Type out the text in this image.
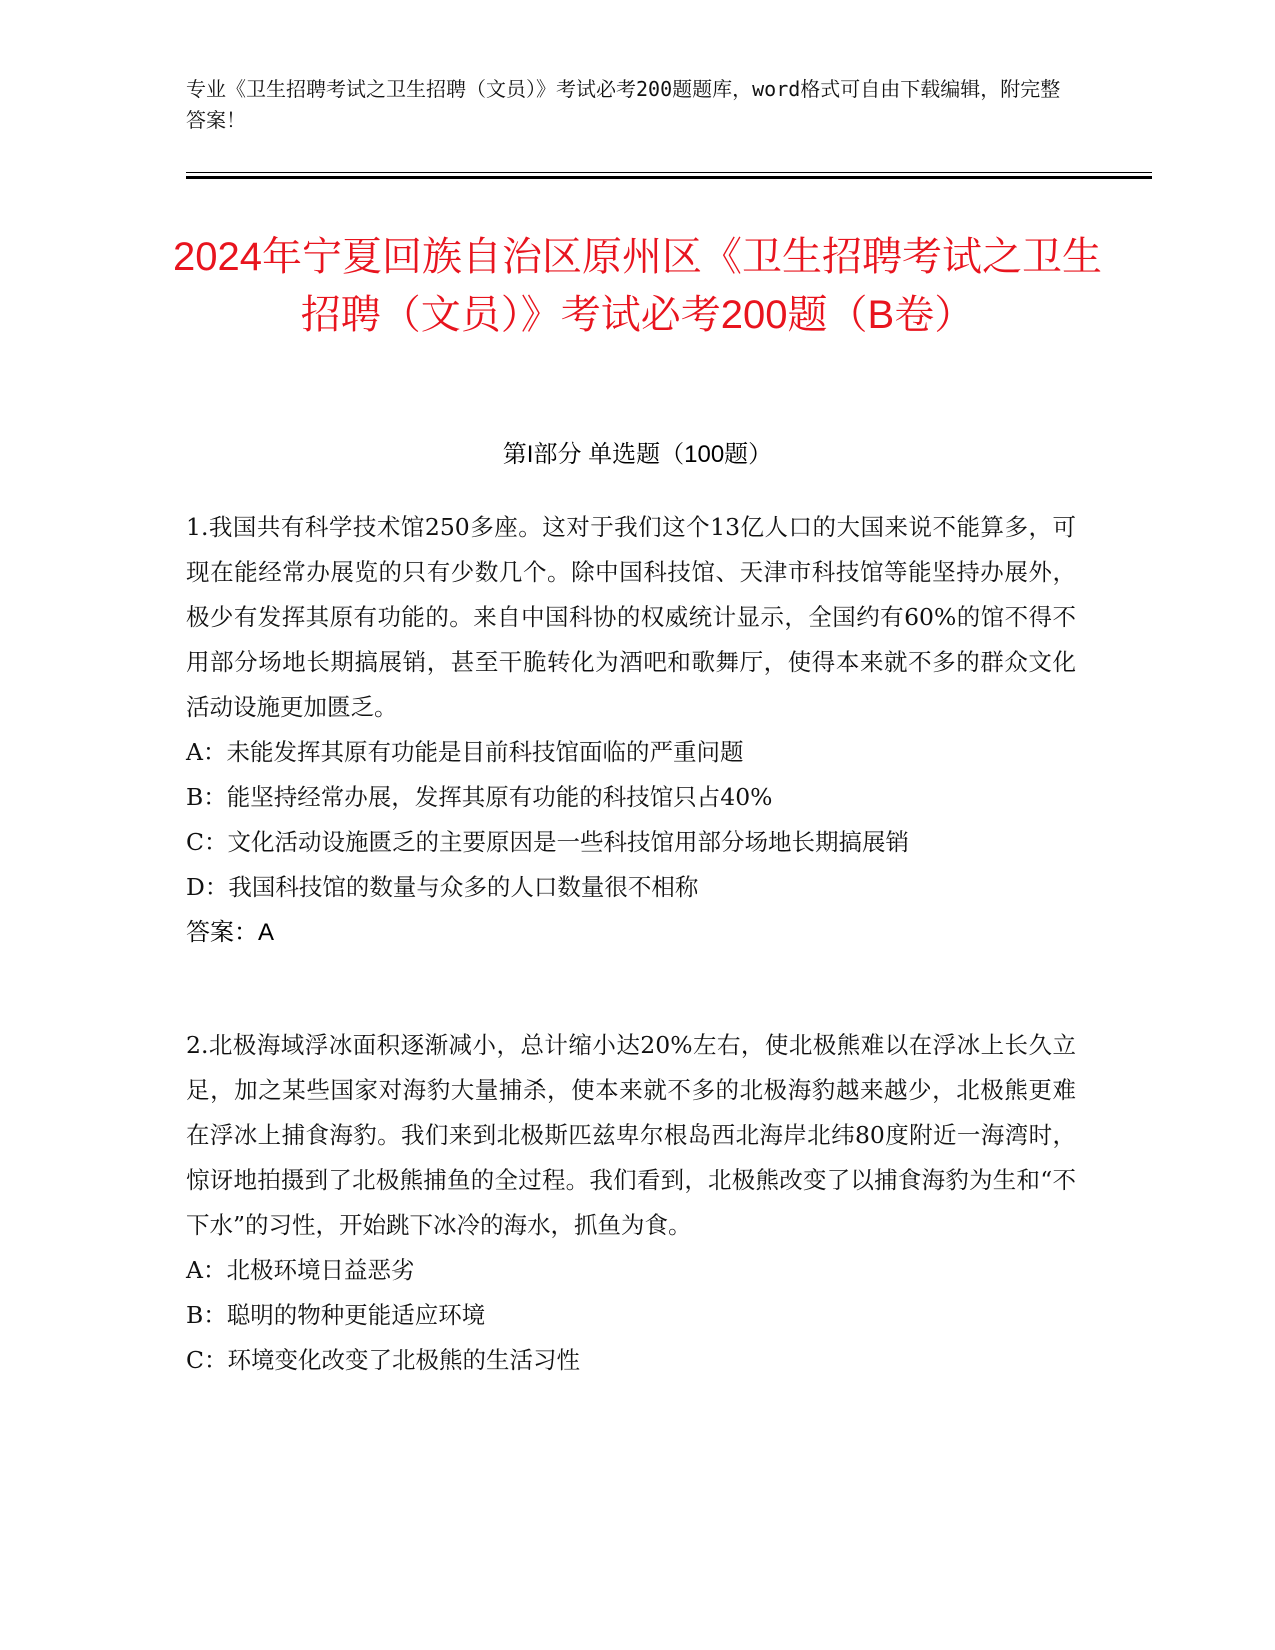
专业《卫生招聘考试之卫生招聘（文员）》考试必考200题题库，word格式可自由下载编辑，附完整答案！
2024年宁夏回族自治区原州区《卫生招聘考试之卫生招聘（文员）》考试必考200题（B卷）
第I部分 单选题（100题）

1.我国共有科学技术馆250多座。这对于我们这个13亿人口的大国来说不能算多，可现在能经常办展览的只有少数几个。除中国科技馆、天津市科技馆等能坚持办展外，极少有发挥其原有功能的。来自中国科协的权威统计显示，全国约有60%的馆不得不用部分场地长期搞展销，甚至干脆转化为酒吧和歌舞厅，使得本来就不多的群众文化活动设施更加匮乏。

A：未能发挥其原有功能是目前科技馆面临的严重问题

B：能坚持经常办展，发挥其原有功能的科技馆只占40%

C：文化活动设施匮乏的主要原因是一些科技馆用部分场地长期搞展销

D：我国科技馆的数量与众多的人口数量很不相称

答案：A

2.北极海域浮冰面积逐渐减小，总计缩小达20%左右，使北极熊难以在浮冰上长久立足，加之某些国家对海豹大量捕杀，使本来就不多的北极海豹越来越少，北极熊更难在浮冰上捕食海豹。我们来到北极斯匹兹卑尔根岛西北海岸北纬80度附近一海湾时，惊讶地拍摄到了北极熊捕鱼的全过程。我们看到，北极熊改变了以捕食海豹为生和“不下水”的习性，开始跳下冰冷的海水，抓鱼为食。

A：北极环境日益恶劣

B：聪明的物种更能适应环境

C：环境变化改变了北极熊的生活习性
